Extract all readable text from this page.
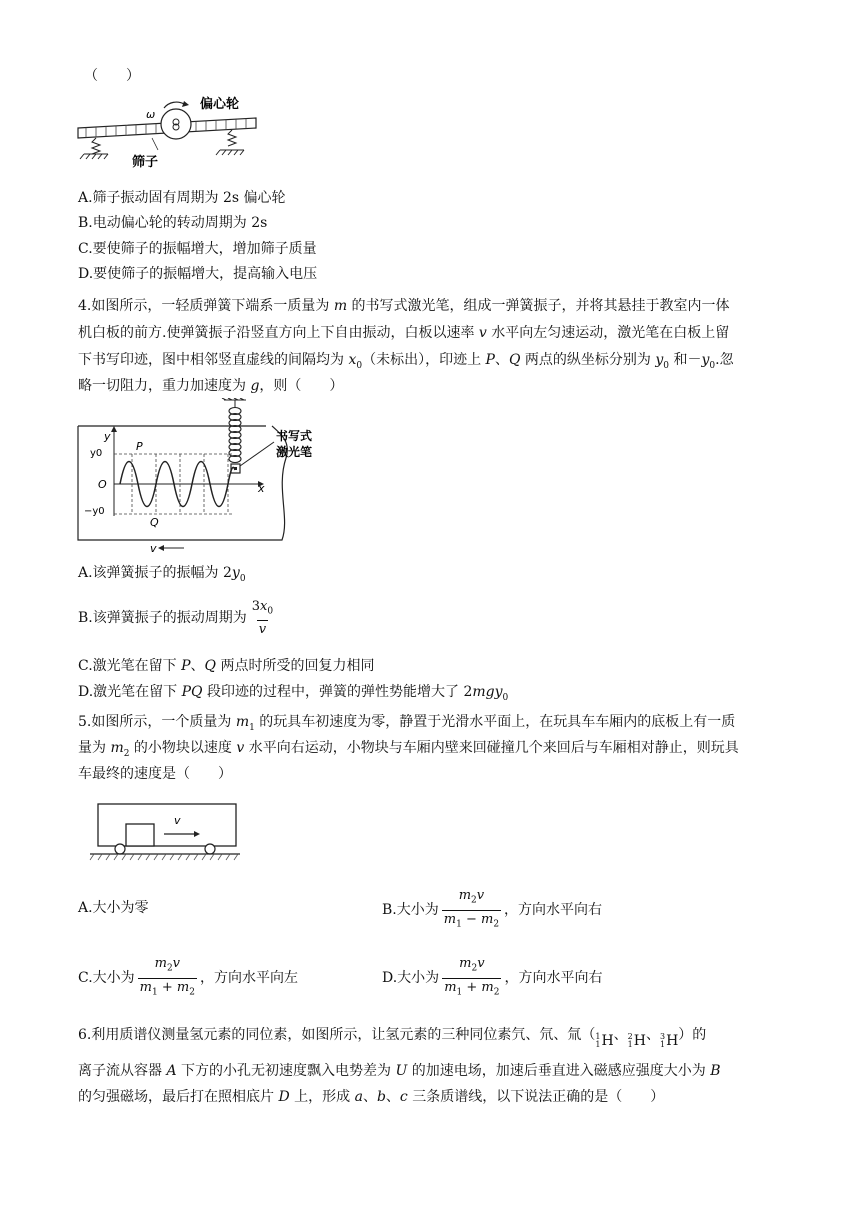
（　　）
ω
偏心轮
筛子
A.筛子振动固有周期为 2s 偏心轮
B.电动偏心轮的转动周期为 2s
C.要使筛子的振幅增大，增加筛子质量
D.要使筛子的振幅增大，提高输入电压
4.如图所示，一轻质弹簧下端系一质量为 m 的书写式激光笔，组成一弹簧振子，并将其悬挂于教室内一体
机白板的前方.使弹簧振子沿竖直方向上下自由振动，白板以速率 v 水平向左匀速运动，激光笔在白板上留
下书写印迹，图中相邻竖直虚线的间隔均为 $x_0$（未标出），印迹上 P、Q 两点的纵坐标分别为 $y_0$ 和$-y_0$.忽
略一切阻力，重力加速度为 g，则（　　）
书写式
激光笔
x
y
O
y0
−y0
P
Q
v
A.该弹簧振子的振幅为 $2y_0$
B.该弹簧振子的振动周期为 $\frac{3x_0}{v}$
C.激光笔在留下 P、Q 两点时所受的回复力相同
D.激光笔在留下 PQ 段印迹的过程中，弹簧的弹性势能增大了 2mgy$_0$
5.如图所示，一个质量为 $m_1$ 的玩具车初速度为零，静置于光滑水平面上，在玩具车车厢内的底板上有一质
量为 $m_2$ 的小物块以速度 v 水平向右运动，小物块与车厢内壁来回碰撞几个来回后与车厢相对静止，则玩具
车最终的速度是（　　）
v
A.大小为零	B.大小为 $\frac{m_2v}{m_1 - m_2}$ ，方向水平向右
C.大小为 $\frac{m_2v}{m_1 + m_2}$ ，方向水平向左	D.大小为 $\frac{m_2v}{m_1 + m_2}$ ，方向水平向右
6.利用质谱仪测量氢元素的同位素，如图所示，让氢元素的三种同位素氕、氘、氚（ 1
1 H 、 2
1 H 、 3
1 H ）的
离子流从容器 A 下方的小孔无初速度飘入电势差为 U 的加速电场，加速后垂直进入磁感应强度大小为 B
的匀强磁场，最后打在照相底片 D 上，形成 a、b、c 三条质谱线，以下说法正确的是（　　）
